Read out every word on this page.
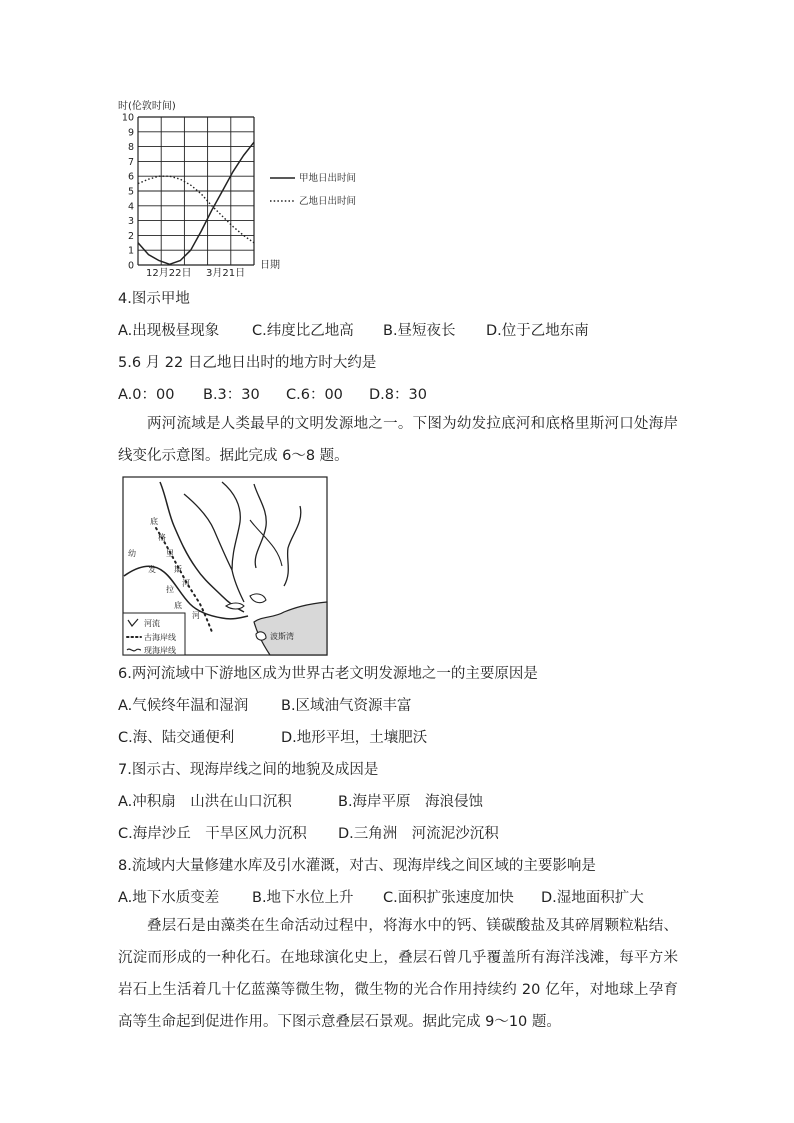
时(伦敦时间)
0
1
2
3
4
5
6
7
8
9
10
12月22日 3月21日
日期
甲地日出时间
乙地日出时间
4.图示甲地
A.出现极昼现象 C.纬度比乙地高 B.昼短夜长 D.位于乙地东南
5.6 月 22 日乙地日出时的地方时大约是
A.0：00 B.3：30 C.6：00 D.8：30
两河流域是人类最早的文明发源地之一。下图为幼发拉底河和底格里斯河口处海岸线变化示意图。据此完成 6～8 题。
底
格
里
斯
河
幼
发
拉
底
河
波斯湾
河流
古海岸线
现海岸线
6.两河流域中下游地区成为世界古老文明发源地之一的主要原因是
A.气候终年温和湿润 B.区域油气资源丰富
C.海、陆交通便利	D.地形平坦，土壤肥沃
7.图示古、现海岸线之间的地貌及成因是
A.冲积扇　山洪在山口沉积	B.海岸平原　海浪侵蚀
C.海岸沙丘　干旱区风力沉积 D.三角洲　河流泥沙沉积
8.流域内大量修建水库及引水灌溉，对古、现海岸线之间区域的主要影响是
A.地下水质变差 B.地下水位上升 C.面积扩张速度加快 D.湿地面积扩大
叠层石是由藻类在生命活动过程中，将海水中的钙、镁碳酸盐及其碎屑颗粒粘结、沉淀而形成的一种化石。在地球演化史上，叠层石曾几乎覆盖所有海洋浅滩，每平方米岩石上生活着几十亿蓝藻等微生物，微生物的光合作用持续约 20 亿年，对地球上孕育高等生命起到促进作用。下图示意叠层石景观。据此完成 9～10 题。
